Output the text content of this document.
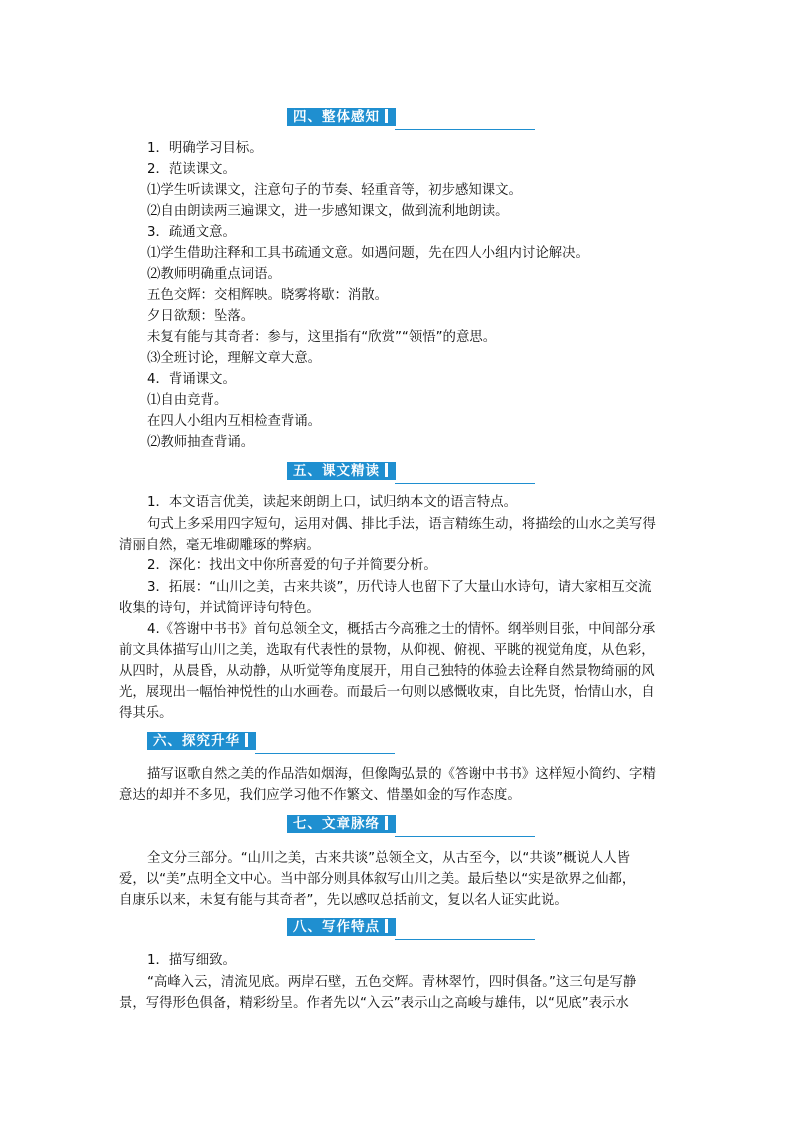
四、整体感知
1．明确学习目标。
2．范读课文。
⑴学生听读课文，注意句子的节奏、轻重音等，初步感知课文。
⑵自由朗读两三遍课文，进一步感知课文，做到流利地朗读。
3．疏通文意。
⑴学生借助注释和工具书疏通文意。如遇问题，先在四人小组内讨论解决。
⑵教师明确重点词语。
五色交辉：交相辉映。晓雾将歇：消散。
夕日欲颓：坠落。
未复有能与其奇者：参与，这里指有“欣赏”“领悟”的意思。
⑶全班讨论，理解文章大意。
4．背诵课文。
⑴自由竞背。
在四人小组内互相检查背诵。
⑵教师抽查背诵。
五、课文精读
1．本文语言优美，读起来朗朗上口，试归纳本文的语言特点。
句式上多采用四字短句，运用对偶、排比手法，语言精练生动，将描绘的山水之美写得
清丽自然，毫无堆砌雕琢的弊病。
2．深化：找出文中你所喜爱的句子并简要分析。
3．拓展：“山川之美，古来共谈”，历代诗人也留下了大量山水诗句，请大家相互交流
收集的诗句，并试简评诗句特色。
4.《答谢中书书》首句总领全文，概括古今高雅之士的情怀。纲举则目张，中间部分承
前文具体描写山川之美，选取有代表性的景物，从仰视、俯视、平眺的视觉角度，从色彩，
从四时，从晨昏，从动静，从听觉等角度展开，用自己独特的体验去诠释自然景物绮丽的风
光，展现出一幅怡神悦性的山水画卷。而最后一句则以感慨收束，自比先贤，怡情山水，自
得其乐。
六、探究升华
描写讴歌自然之美的作品浩如烟海，但像陶弘景的《答谢中书书》这样短小简约、字精
意达的却并不多见，我们应学习他不作繁文、惜墨如金的写作态度。
七、文章脉络
全文分三部分。“山川之美，古来共谈”总领全文，从古至今，以“共谈”概说人人皆
爱，以“美”点明全文中心。当中部分则具体叙写山川之美。最后垫以“实是欲界之仙都，
自康乐以来，未复有能与其奇者”，先以感叹总括前文，复以名人证实此说。
八、写作特点
1．描写细致。
“高峰入云，清流见底。两岸石壁，五色交辉。青林翠竹，四时俱备。”这三句是写静
景，写得形色俱备，精彩纷呈。作者先以“入云”表示山之高峻与雄伟，以“见底”表示水
